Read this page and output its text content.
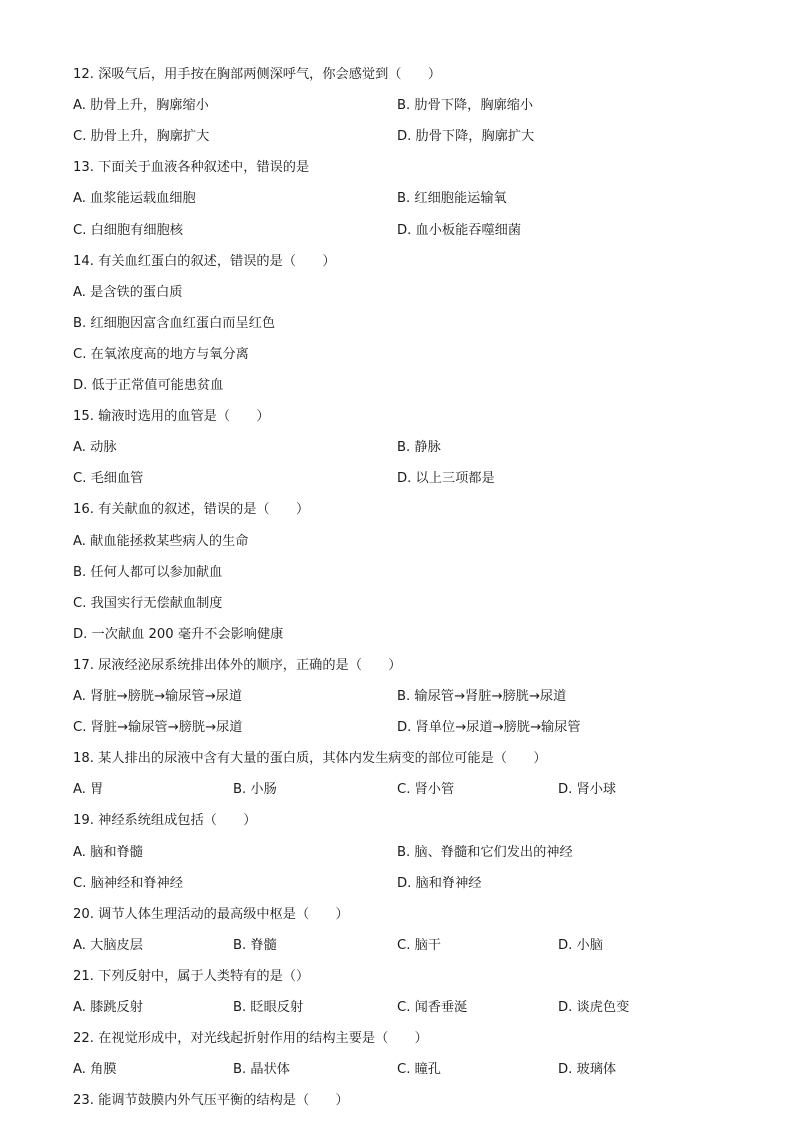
12. 深吸气后，用手按在胸部两侧深呼气，你会感觉到（　　）
A. 肋骨上升，胸廓缩小	B. 肋骨下降，胸廓缩小
C. 肋骨上升，胸廓扩大	D. 肋骨下降，胸廓扩大
13. 下面关于血液各种叙述中，错误的是
A. 血浆能运载血细胞	B. 红细胞能运输氧
C. 白细胞有细胞核	D. 血小板能吞噬细菌
14. 有关血红蛋白的叙述，错误的是（　　）
A. 是含铁的蛋白质
B. 红细胞因富含血红蛋白而呈红色
C. 在氧浓度高的地方与氧分离
D. 低于正常值可能患贫血
15. 输液时选用的血管是（　　）
A. 动脉	B. 静脉
C. 毛细血管	D. 以上三项都是
16. 有关献血的叙述，错误的是（　　）
A. 献血能拯救某些病人的生命
B. 任何人都可以参加献血
C. 我国实行无偿献血制度
D. 一次献血 200 毫升不会影响健康
17. 尿液经泌尿系统排出体外的顺序，正确的是（　　）
A. 肾脏→膀胱→输尿管→尿道	B. 输尿管→肾脏→膀胱→尿道
C. 肾脏→输尿管→膀胱→尿道	D. 肾单位→尿道→膀胱→输尿管
18. 某人排出的尿液中含有大量的蛋白质，其体内发生病变的部位可能是（　　）
A. 胃	B. 小肠	C. 肾小管	D. 肾小球
19. 神经系统组成包括（　　）
A. 脑和脊髓	B. 脑、脊髓和它们发出的神经
C. 脑神经和脊神经	D. 脑和脊神经
20. 调节人体生理活动的最高级中枢是（　　）
A. 大脑皮层	B. 脊髓	C. 脑干	D. 小脑
21. 下列反射中，属于人类特有的是（）
A. 膝跳反射	B. 眨眼反射	C. 闻香垂涎	D. 谈虎色变
22. 在视觉形成中，对光线起折射作用的结构主要是（　　）
A. 角膜	B. 晶状体	C. 瞳孔	D. 玻璃体
23. 能调节鼓膜内外气压平衡的结构是（　　）
